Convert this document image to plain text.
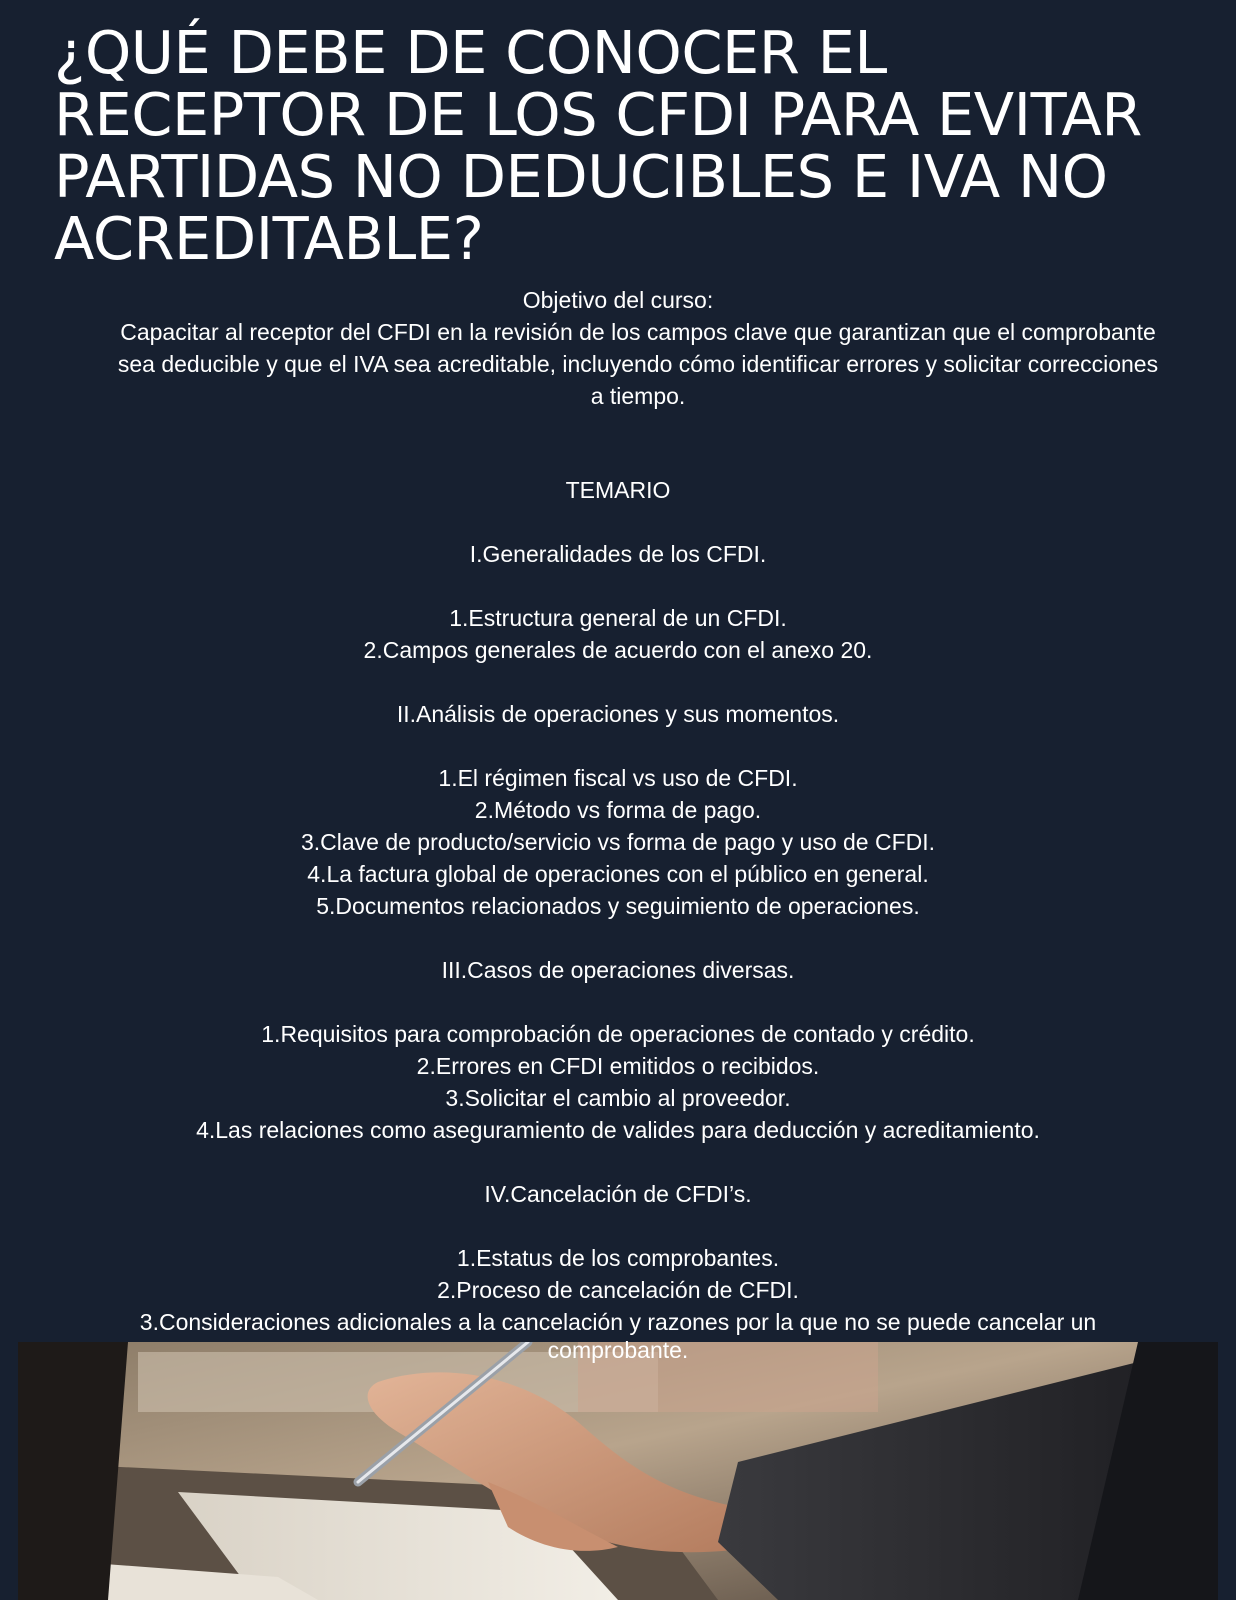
¿QUÉ DEBE DE CONOCER EL
RECEPTOR DE LOS CFDI PARA EVITAR
PARTIDAS NO DEDUCIBLES E IVA NO
ACREDITABLE?
Objetivo del curso:
Capacitar al receptor del CFDI en la revisión de los campos clave que garantizan que el comprobante
sea deducible y que el IVA sea acreditable, incluyendo cómo identificar errores y solicitar correcciones
a tiempo.
TEMARIO
I.Generalidades de los CFDI.
1.Estructura general de un CFDI.
2.Campos generales de acuerdo con el anexo 20.
II.Análisis de operaciones y sus momentos.
1.El régimen fiscal vs uso de CFDI.
2.Método vs forma de pago.
3.Clave de producto/servicio vs forma de pago y uso de CFDI.
4.La factura global de operaciones con el público en general.
5.Documentos relacionados y seguimiento de operaciones.
III.Casos de operaciones diversas.
1.Requisitos para comprobación de operaciones de contado y crédito.
2.Errores en CFDI emitidos o recibidos.
3.Solicitar el cambio al proveedor.
4.Las relaciones como aseguramiento de valides para deducción y acreditamiento.
IV.Cancelación de CFDI’s.
1.Estatus de los comprobantes.
2.Proceso de cancelación de CFDI.
3.Consideraciones adicionales a la cancelación y razones por la que no se puede cancelar un
comprobante.
